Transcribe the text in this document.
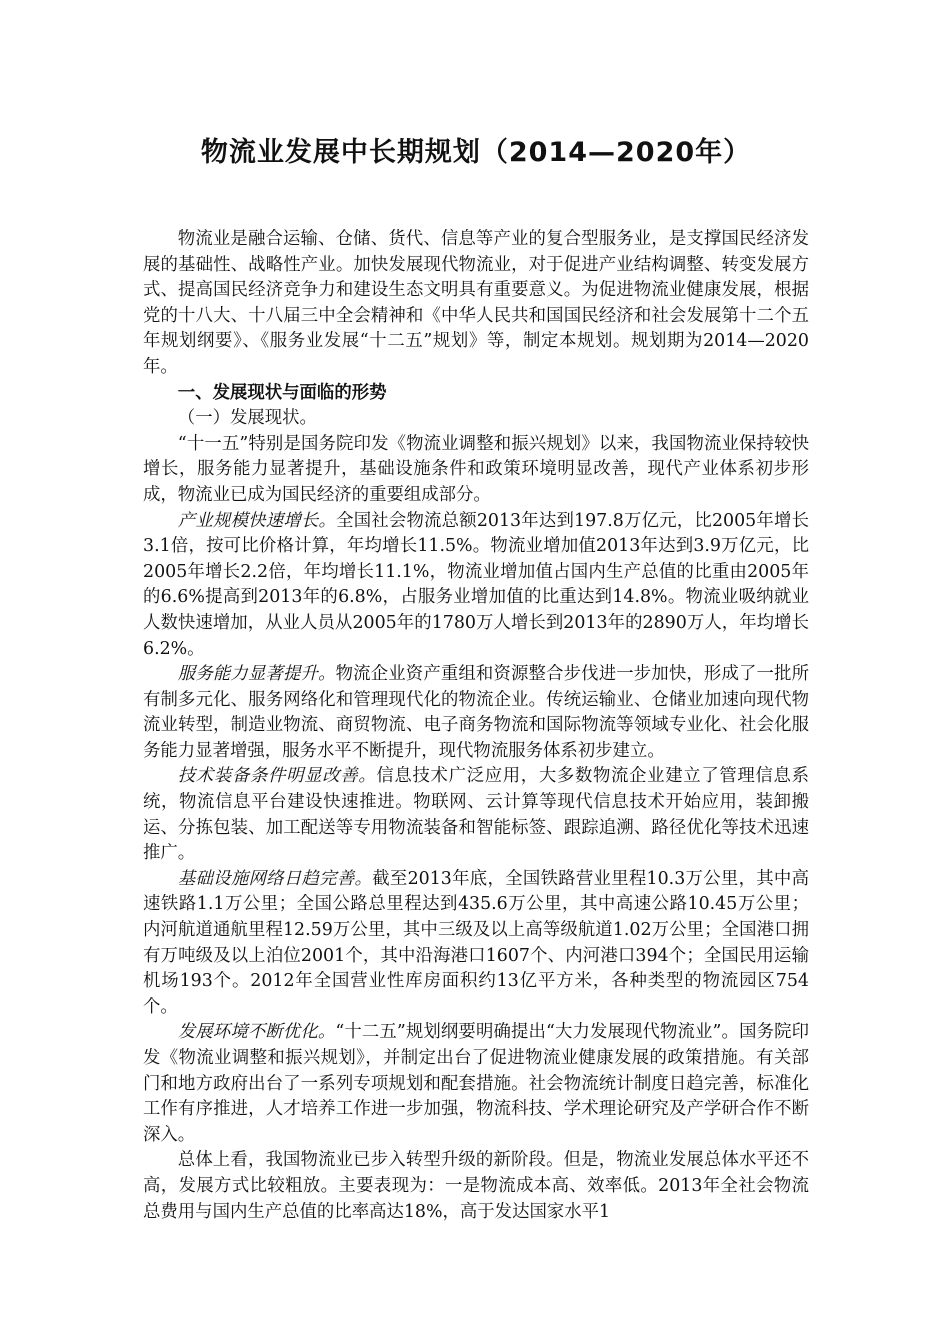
物流业发展中长期规划（2014—2020年）

物流业是融合运输、仓储、货代、信息等产业的复合型服务业，是支撑国民经济发展的基础性、战略性产业。加快发展现代物流业，对于促进产业结构调整、转变发展方式、提高国民经济竞争力和建设生态文明具有重要意义。为促进物流业健康发展，根据党的十八大、十八届三中全会精神和《中华人民共和国国民经济和社会发展第十二个五年规划纲要》、《服务业发展“十二五”规划》等，制定本规划。规划期为2014—2020年。

一、发展现状与面临的形势

（一）发展现状。

“十一五”特别是国务院印发《物流业调整和振兴规划》以来，我国物流业保持较快增长，服务能力显著提升，基础设施条件和政策环境明显改善，现代产业体系初步形成，物流业已成为国民经济的重要组成部分。

产业规模快速增长。全国社会物流总额2013年达到197.8万亿元，比2005年增长3.1倍，按可比价格计算，年均增长11.5%。物流业增加值2013年达到3.9万亿元，比2005年增长2.2倍，年均增长11.1%，物流业增加值占国内生产总值的比重由2005年的6.6%提高到2013年的6.8%，占服务业增加值的比重达到14.8%。物流业吸纳就业人数快速增加，从业人员从2005年的1780万人增长到2013年的2890万人，年均增长6.2%。

服务能力显著提升。物流企业资产重组和资源整合步伐进一步加快，形成了一批所有制多元化、服务网络化和管理现代化的物流企业。传统运输业、仓储业加速向现代物流业转型，制造业物流、商贸物流、电子商务物流和国际物流等领域专业化、社会化服务能力显著增强，服务水平不断提升，现代物流服务体系初步建立。

技术装备条件明显改善。信息技术广泛应用，大多数物流企业建立了管理信息系统，物流信息平台建设快速推进。物联网、云计算等现代信息技术开始应用，装卸搬运、分拣包装、加工配送等专用物流装备和智能标签、跟踪追溯、路径优化等技术迅速推广。

基础设施网络日趋完善。截至2013年底，全国铁路营业里程10.3万公里，其中高速铁路1.1万公里；全国公路总里程达到435.6万公里，其中高速公路10.45万公里；内河航道通航里程12.59万公里，其中三级及以上高等级航道1.02万公里；全国港口拥有万吨级及以上泊位2001个，其中沿海港口1607个、内河港口394个；全国民用运输机场193个。2012年全国营业性库房面积约13亿平方米，各种类型的物流园区754个。

发展环境不断优化。“十二五”规划纲要明确提出“大力发展现代物流业”。国务院印发《物流业调整和振兴规划》，并制定出台了促进物流业健康发展的政策措施。有关部门和地方政府出台了一系列专项规划和配套措施。社会物流统计制度日趋完善，标准化工作有序推进，人才培养工作进一步加强，物流科技、学术理论研究及产学研合作不断深入。

总体上看，我国物流业已步入转型升级的新阶段。但是，物流业发展总体水平还不高，发展方式比较粗放。主要表现为：一是物流成本高、效率低。2013年全社会物流总费用与国内生产总值的比率高达18%，高于发达国家水平1
